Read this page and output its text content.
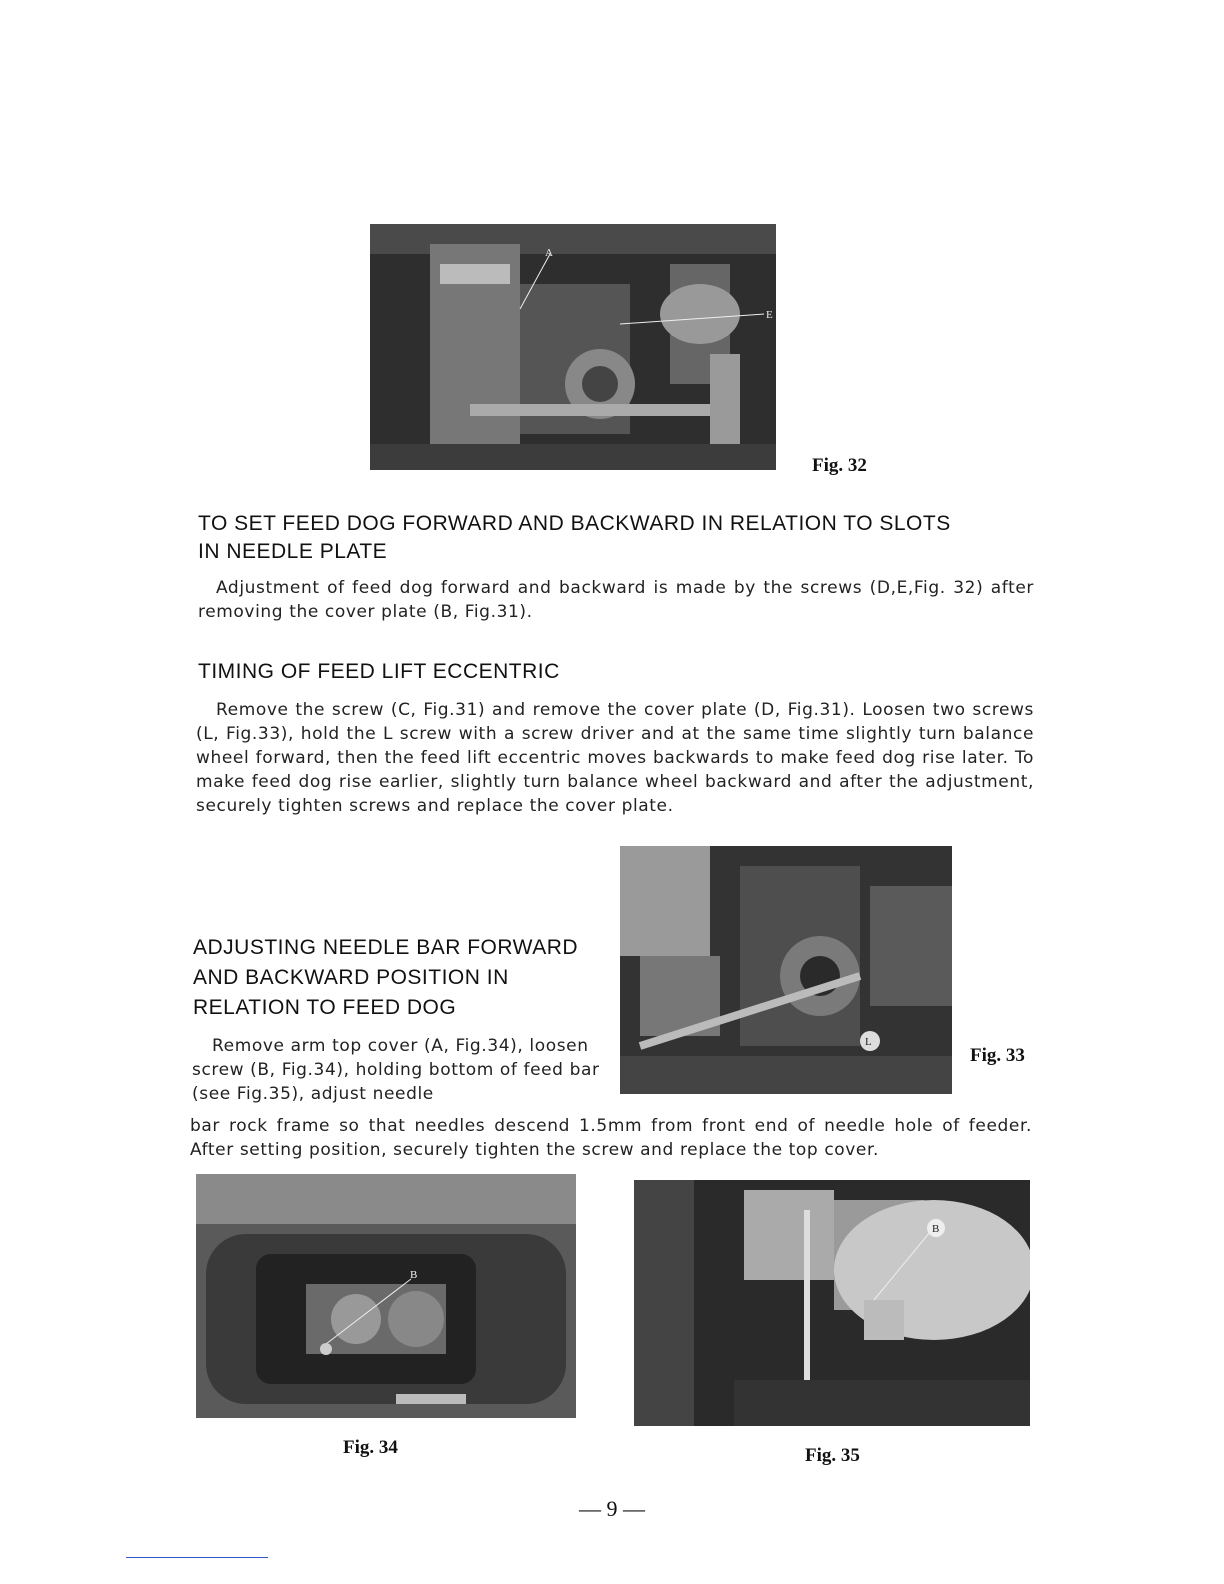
A
E
Fig. 32
TO SET FEED DOG FORWARD AND BACKWARD IN RELATION TO SLOTS
IN NEEDLE PLATE

Adjustment of feed dog forward and backward is made by the screws (D,E,Fig. 32) after removing the cover plate (B, Fig.31).

TIMING OF FEED LIFT ECCENTRIC

Remove the screw (C, Fig.31) and remove the cover plate (D, Fig.31). Loosen two screws (L, Fig.33), hold the L screw with a screw driver and at the same time slightly turn balance wheel forward, then the feed lift eccentric moves backwards to make feed dog rise later. To make feed dog rise earlier, slightly turn balance wheel backward and after the adjustment, securely tighten screws and replace the cover plate.

L
Fig. 33
ADJUSTING NEEDLE BAR FORWARD
AND BACKWARD POSITION IN
RELATION TO FEED DOG

Remove arm top cover (A, Fig.34), loosen screw (B, Fig.34), holding bottom of feed bar (see Fig.35), adjust needle

bar rock frame so that needles descend 1.5mm from front end of needle hole of feeder. After setting position, securely tighten the screw and replace the top cover.

B
Fig. 34
B
Fig. 35
— 9 —
